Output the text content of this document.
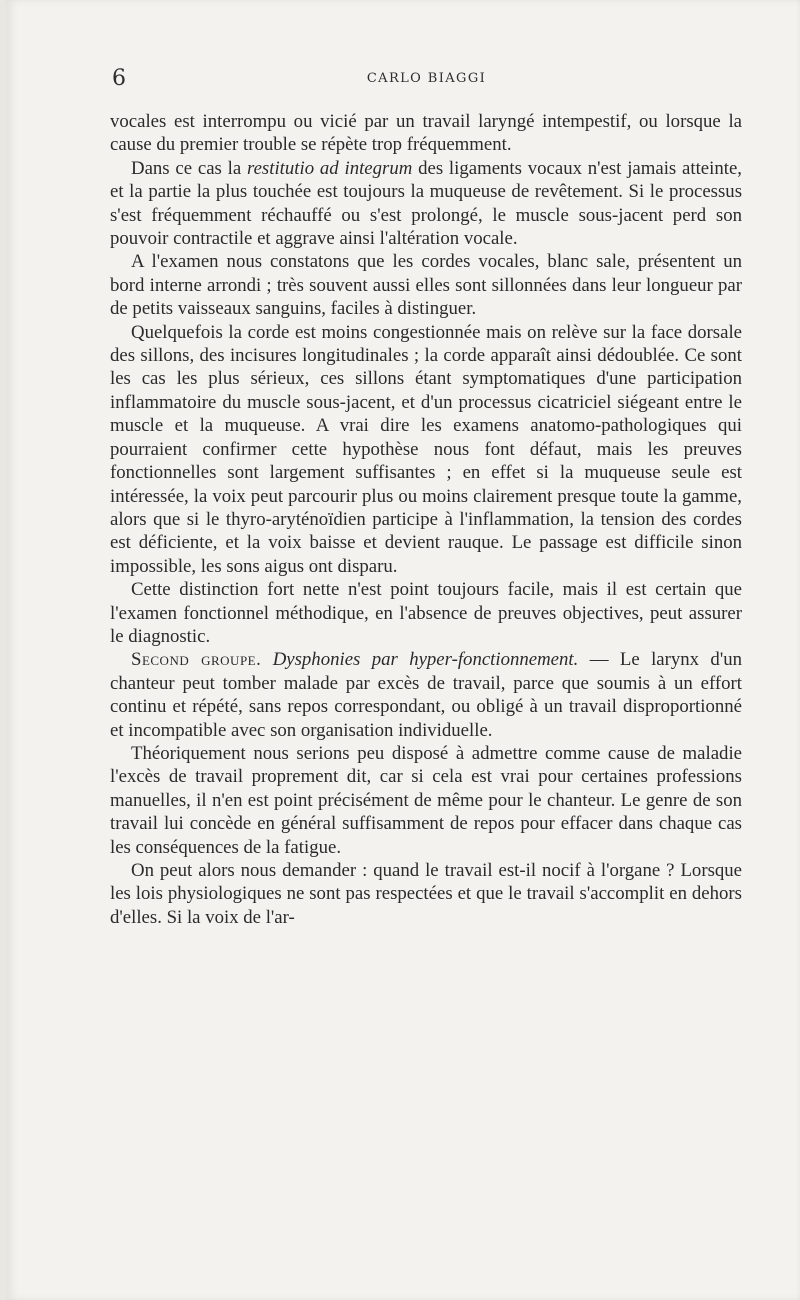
6	CARLO BIAGGI

vocales est interrompu ou vicié par un travail laryngé intempestif, ou lorsque la cause du premier trouble se répète trop fréquemment.

Dans ce cas la restitutio ad integrum des ligaments vocaux n'est jamais atteinte, et la partie la plus touchée est toujours la muqueuse de revêtement. Si le processus s'est fréquemment réchauffé ou s'est prolongé, le muscle sous-jacent perd son pouvoir contractile et aggrave ainsi l'altération vocale.

A l'examen nous constatons que les cordes vocales, blanc sale, présentent un bord interne arrondi ; très souvent aussi elles sont sillonnées dans leur longueur par de petits vaisseaux sanguins, faciles à distinguer.

Quelquefois la corde est moins congestionnée mais on relève sur la face dorsale des sillons, des incisures longitudinales ; la corde apparaît ainsi dédoublée. Ce sont les cas les plus sérieux, ces sillons étant symptomatiques d'une participation inflammatoire du muscle sous-jacent, et d'un processus cicatriciel siégeant entre le muscle et la muqueuse. A vrai dire les examens anatomo-pathologiques qui pourraient confirmer cette hypothèse nous font défaut, mais les preuves fonctionnelles sont largement suffisantes ; en effet si la muqueuse seule est intéressée, la voix peut parcourir plus ou moins clairement presque toute la gamme, alors que si le thyro-aryténoïdien participe à l'inflammation, la tension des cordes est déficiente, et la voix baisse et devient rauque. Le passage est difficile sinon impossible, les sons aigus ont disparu.

Cette distinction fort nette n'est point toujours facile, mais il est certain que l'examen fonctionnel méthodique, en l'absence de preuves objectives, peut assurer le diagnostic.

Second groupe. Dysphonies par hyper-fonctionnement. — Le larynx d'un chanteur peut tomber malade par excès de travail, parce que soumis à un effort continu et répété, sans repos correspondant, ou obligé à un travail disproportionné et incompatible avec son organisation individuelle.

Théoriquement nous serions peu disposé à admettre comme cause de maladie l'excès de travail proprement dit, car si cela est vrai pour certaines professions manuelles, il n'en est point précisément de même pour le chanteur. Le genre de son travail lui concède en général suffisamment de repos pour effacer dans chaque cas les conséquences de la fatigue.

On peut alors nous demander : quand le travail est-il nocif à l'organe ? Lorsque les lois physiologiques ne sont pas respectées et que le travail s'accomplit en dehors d'elles. Si la voix de l'ar-
